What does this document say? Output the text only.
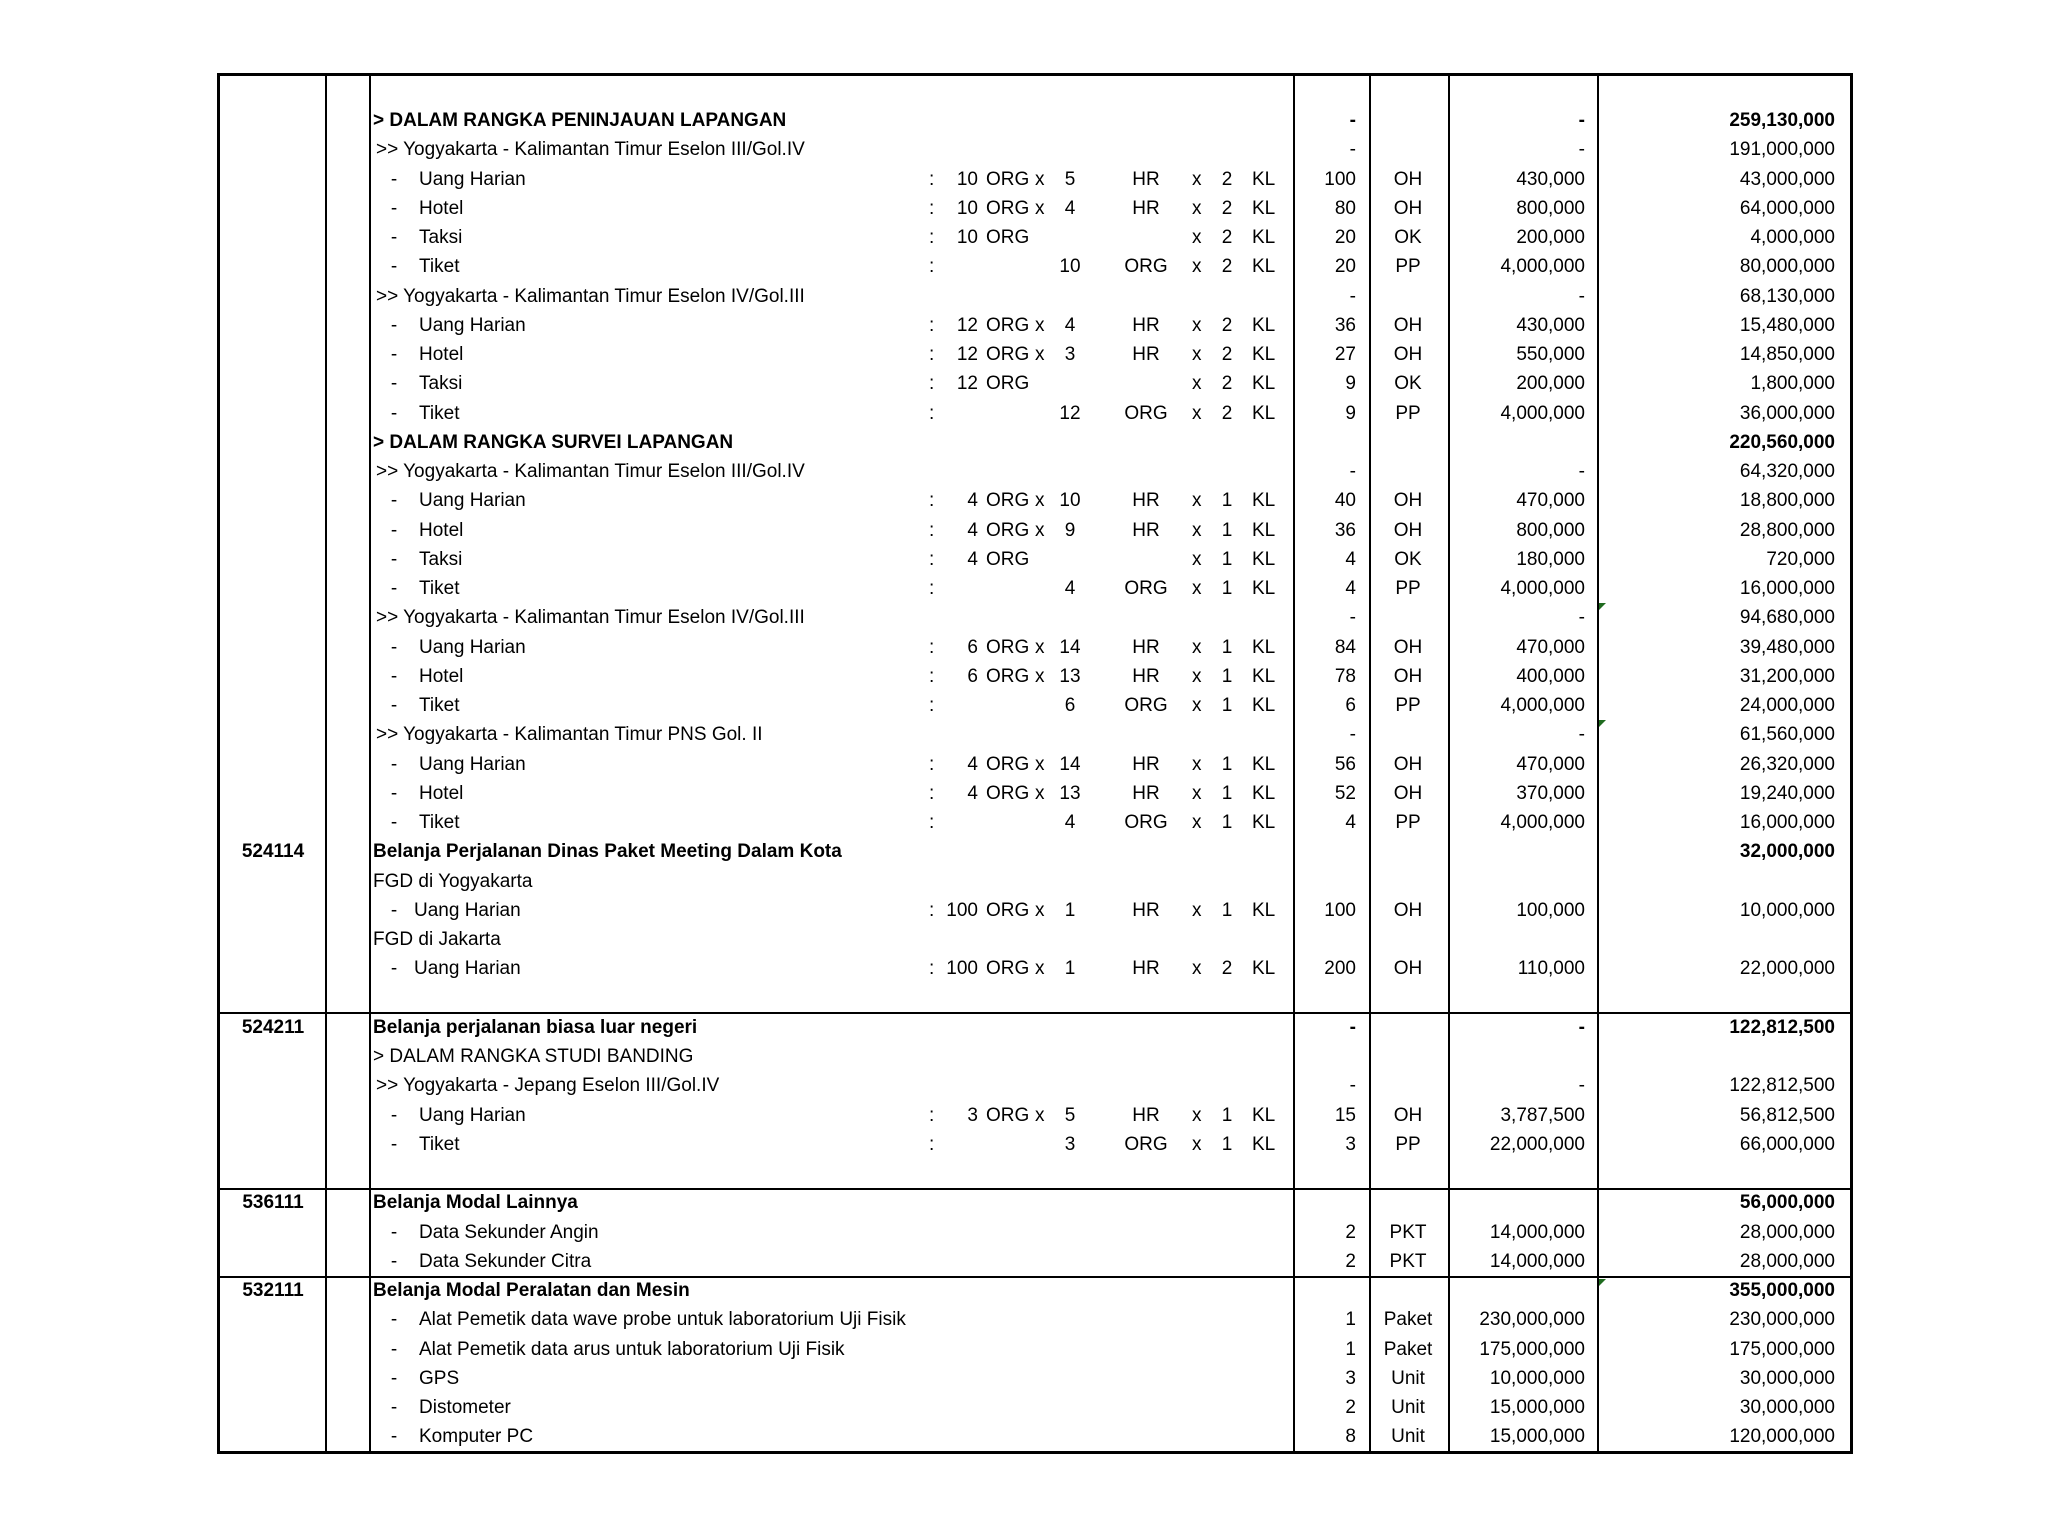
> DALAM RANGKA PENINJAUAN LAPANGAN	-	-	259,130,000
>> Yogyakarta - Kalimantan Timur Eselon III/Gol.IV	-	-	191,000,000
- Uang Harian	:	10 ORG x	5	HR	x	2	KL	100	OH	430,000	43,000,000
- Hotel	:	10 ORG x	4	HR	x	2	KL	80	OH	800,000	64,000,000
- Taksi	:	10 ORG	x	2	KL	20	OK	200,000	4,000,000
- Tiket	:	10	ORG	x	2	KL	20	PP	4,000,000	80,000,000
>> Yogyakarta - Kalimantan Timur Eselon IV/Gol.III	-	-	68,130,000
- Uang Harian	:	12 ORG x	4	HR	x	2	KL	36	OH	430,000	15,480,000
- Hotel	:	12 ORG x	3	HR	x	2	KL	27	OH	550,000	14,850,000
- Taksi	:	12 ORG	x	2	KL	9	OK	200,000	1,800,000
- Tiket	:	12	ORG	x	2	KL	9	PP	4,000,000	36,000,000
> DALAM RANGKA SURVEI LAPANGAN	220,560,000
>> Yogyakarta - Kalimantan Timur Eselon III/Gol.IV	-	-	64,320,000
- Uang Harian	:	4 ORG x 10	HR	x	1	KL	40	OH	470,000	18,800,000
- Hotel	:	4 ORG x	9	HR	x	1	KL	36	OH	800,000	28,800,000
- Taksi	:	4 ORG	x	1	KL	4	OK	180,000	720,000
- Tiket	:	4	ORG	x	1	KL	4	PP	4,000,000	16,000,000
>> Yogyakarta - Kalimantan Timur Eselon IV/Gol.III	-	-	94,680,000
- Uang Harian	:	6 ORG x 14	HR	x	1	KL	84	OH	470,000	39,480,000
- Hotel	:	6 ORG x 13	HR	x	1	KL	78	OH	400,000	31,200,000
- Tiket	:	6	ORG	x	1	KL	6	PP	4,000,000	24,000,000
>> Yogyakarta - Kalimantan Timur PNS Gol. II	-	-	61,560,000
- Uang Harian	:	4 ORG x 14	HR	x	1	KL	56	OH	470,000	26,320,000
- Hotel	:	4 ORG x 13	HR	x	1	KL	52	OH	370,000	19,240,000
- Tiket	:	4	ORG	x	1	KL	4	PP	4,000,000	16,000,000
524114	Belanja Perjalanan Dinas Paket Meeting Dalam Kota	32,000,000
FGD di Yogyakarta
- Uang Harian	: 100 ORG x	1	HR	x	1	KL	100	OH	100,000	10,000,000
FGD di Jakarta
- Uang Harian	: 100 ORG x	1	HR	x	2	KL	200	OH	110,000	22,000,000
524211	Belanja perjalanan biasa luar negeri	-	-	122,812,500
> DALAM RANGKA STUDI BANDING
>> Yogyakarta - Jepang Eselon III/Gol.IV	-	-	122,812,500
- Uang Harian	:	3 ORG x	5	HR	x	1	KL	15	OH	3,787,500	56,812,500
- Tiket	:	3	ORG	x	1	KL	3	PP	22,000,000	66,000,000
536111	Belanja Modal Lainnya	56,000,000
- Data Sekunder Angin	2	PKT	14,000,000	28,000,000
- Data Sekunder Citra	2	PKT	14,000,000	28,000,000
532111	Belanja Modal Peralatan dan Mesin	355,000,000
- Alat Pemetik data wave probe untuk laboratorium Uji Fisik	1	Paket	230,000,000	230,000,000
- Alat Pemetik data arus untuk laboratorium Uji Fisik	1	Paket	175,000,000	175,000,000
- GPS	3	Unit	10,000,000	30,000,000
- Distometer	2	Unit	15,000,000	30,000,000
- Komputer PC	8	Unit	15,000,000	120,000,000
